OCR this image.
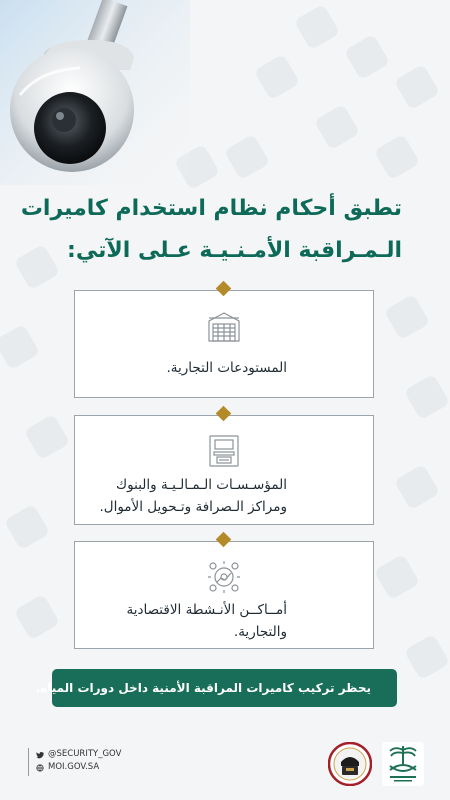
تطبق أحكام نظام استخدام كاميرات
الـمـراقبة الأمـنـيـة عـلى الآتي:
المستودعات التجارية.
المؤسـسـات الـمـالـيـة والبنوك
ومراكز الـصرافة وتـحويل الأموال.
أمــاكــن الأنـشطة الاقتصادية
والتجارية.
يحظر تركيب كاميرات المراقبة الأمنية داخل دورات المياه.
@SECURITY_GOV
MOI.GOV.SA
